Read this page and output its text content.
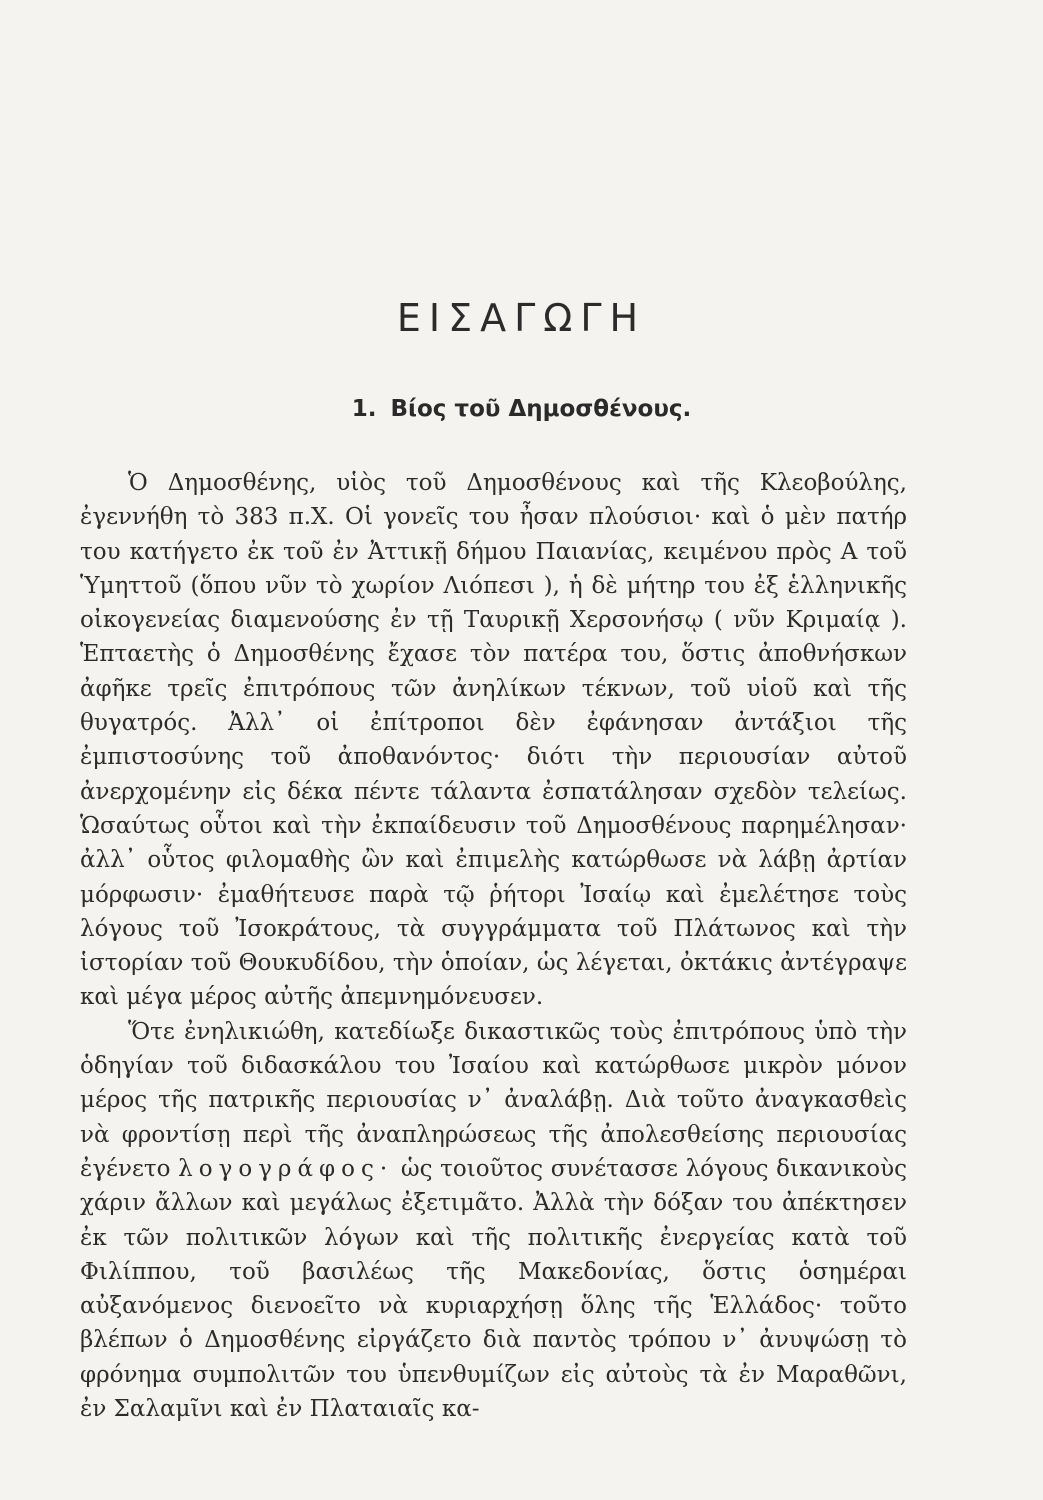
ΕΙΣΑΓΩΓΗ
1. Βίος τοῦ Δημοσθένους.

Ὁ Δημοσθένης, υἱὸς τοῦ Δημοσθένους καὶ τῆς Κλεοβούλης, ἐγεννήθη τὸ 383 π.Χ. Οἱ γονεῖς του ἦσαν πλούσιοι· καὶ ὁ μὲν πατήρ του κατήγετο ἐκ τοῦ ἐν Ἀττικῇ δήμου Παιανίας, κειμένου πρὸς Α τοῦ Ὑμηττοῦ (ὅπου νῦν τὸ χωρίον Λιόπεσι ), ἡ δὲ μήτηρ του ἐξ ἑλληνικῆς οἰκογενείας διαμενούσης ἐν τῇ Ταυρικῇ Χερσονήσῳ ( νῦν Κριμαίᾳ ). Ἑπταετὴς ὁ Δημοσθένης ἔχασε τὸν πατέρα του, ὅστις ἀποθνήσκων ἀφῆκε τρεῖς ἐπιτρόπους τῶν ἀνηλίκων τέκνων, τοῦ υἱοῦ καὶ τῆς θυγατρός. Ἀλλ᾽ οἱ ἐπίτροποι δὲν ἐφάνησαν ἀντάξιοι τῆς ἐμπιστοσύνης τοῦ ἀποθανόντος· διότι τὴν περιουσίαν αὐτοῦ ἀνερχομένην εἰς δέκα πέντε τάλαντα ἐσπατάλησαν σχεδὸν τελείως. Ὡσαύτως οὗτοι καὶ τὴν ἐκπαίδευσιν τοῦ Δημοσθένους παρημέλησαν· ἀλλ᾽ οὗτος φιλομαθὴς ὢν καὶ ἐπιμελὴς κατώρθωσε νὰ λάβῃ ἀρτίαν μόρφωσιν· ἐμαθήτευσε παρὰ τῷ ῥήτορι Ἰσαίῳ καὶ ἐμελέτησε τοὺς λόγους τοῦ Ἰσοκράτους, τὰ συγγράμματα τοῦ Πλάτωνος καὶ τὴν ἱστορίαν τοῦ Θουκυδίδου, τὴν ὁποίαν, ὡς λέγεται, ὀκτάκις ἀντέγραψε καὶ μέγα μέρος αὐτῆς ἀπεμνημόνευσεν.

Ὅτε ἐνηλικιώθη, κατεδίωξε δικαστικῶς τοὺς ἐπιτρόπους ὑπὸ τὴν ὁδηγίαν τοῦ διδασκάλου του Ἰσαίου καὶ κατώρθωσε μικρὸν μόνον μέρος τῆς πατρικῆς περιουσίας ν᾽ ἀναλάβῃ. Διὰ τοῦτο ἀναγκασθεὶς νὰ φροντίσῃ περὶ τῆς ἀναπληρώσεως τῆς ἀπολεσθείσης περιουσίας ἐγένετο λογογράφος· ὡς τοιοῦτος συνέτασσε λόγους δικανικοὺς χάριν ἄλλων καὶ μεγάλως ἐξετιμᾶτο. Ἀλλὰ τὴν δόξαν του ἀπέκτησεν ἐκ τῶν πολιτικῶν λόγων καὶ τῆς πολιτικῆς ἐνεργείας κατὰ τοῦ Φιλίππου, τοῦ βασιλέως τῆς Μακεδονίας, ὅστις ὁσημέραι αὐξανόμενος διενοεῖτο νὰ κυριαρχήσῃ ὅλης τῆς Ἑλλάδος· τοῦτο βλέπων ὁ Δημοσθένης εἰργάζετο διὰ παντὸς τρόπου ν᾽ ἀνυψώσῃ τὸ φρόνημα συμπολιτῶν του ὑπενθυμίζων εἰς αὐτοὺς τὰ ἐν Μαραθῶνι, ἐν Σαλαμῖνι καὶ ἐν Πλαταιαῖς κα-
